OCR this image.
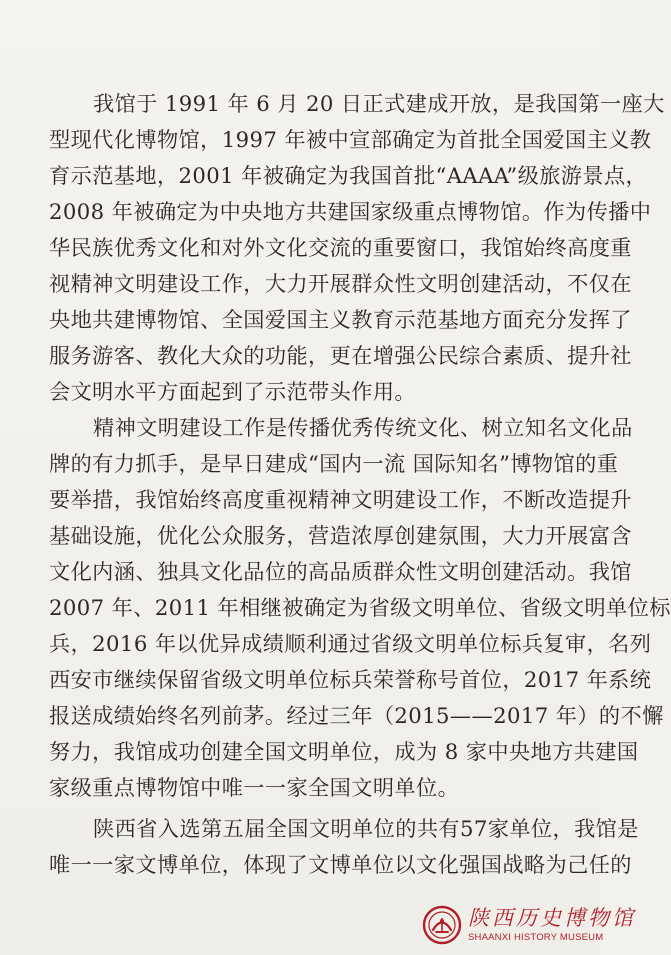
我馆于 1991 年 6 月 20 日正式建成开放，是我国第一座大
型现代化博物馆，1997 年被中宣部确定为首批全国爱国主义教
育示范基地，2001 年被确定为我国首批“AAAA”级旅游景点，
2008 年被确定为中央地方共建国家级重点博物馆。作为传播中
华民族优秀文化和对外文化交流的重要窗口，我馆始终高度重
视精神文明建设工作，大力开展群众性文明创建活动，不仅在
央地共建博物馆、全国爱国主义教育示范基地方面充分发挥了
服务游客、教化大众的功能，更在增强公民综合素质、提升社
会文明水平方面起到了示范带头作用。
精神文明建设工作是传播优秀传统文化、树立知名文化品
牌的有力抓手，是早日建成“国内一流 国际知名”博物馆的重
要举措，我馆始终高度重视精神文明建设工作，不断改造提升
基础设施，优化公众服务，营造浓厚创建氛围，大力开展富含
文化内涵、独具文化品位的高品质群众性文明创建活动。我馆
2007 年、2011 年相继被确定为省级文明单位、省级文明单位标
兵，2016 年以优异成绩顺利通过省级文明单位标兵复审，名列
西安市继续保留省级文明单位标兵荣誉称号首位，2017 年系统
报送成绩始终名列前茅。经过三年（2015——2017 年）的不懈
努力，我馆成功创建全国文明单位，成为 8 家中央地方共建国
家级重点博物馆中唯一一家全国文明单位。
陕西省入选第五届全国文明单位的共有57家单位，我馆是
唯一一家文博单位，体现了文博单位以文化强国战略为己任的
陕西历史博物馆
SHAANXI HISTORY MUSEUM
